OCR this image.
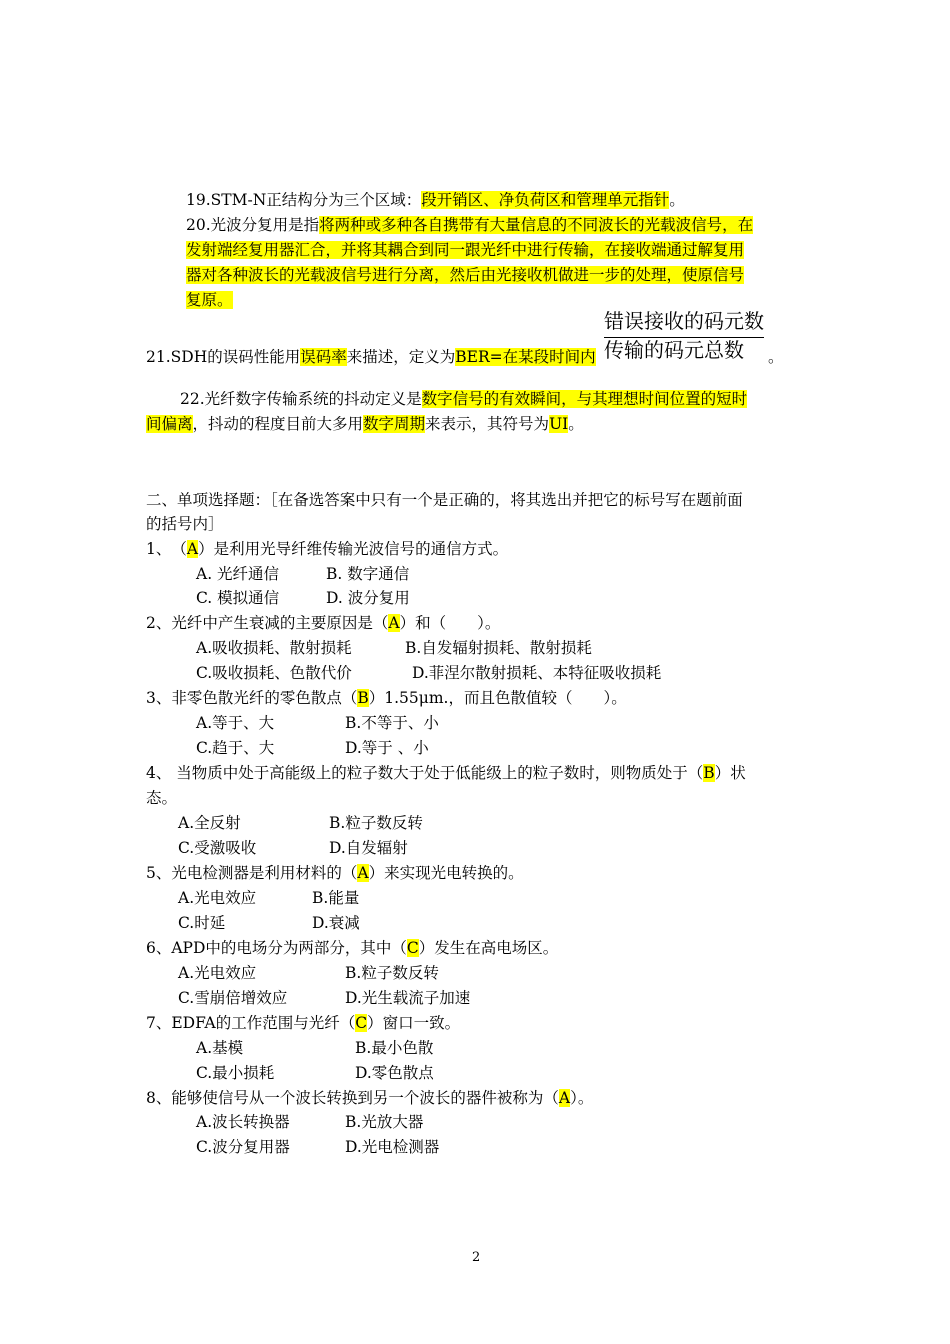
19.STM-N正结构分为三个区域：段开销区、净负荷区和管理单元指针。
20.光波分复用是指将两种或多种各自携带有大量信息的不同波长的光载波信号，在
发射端经复用器汇合，并将其耦合到同一跟光纤中进行传输，在接收端通过解复用
器对各种波长的光载波信号进行分离，然后由光接收机做进一步的处理，使原信号
复原。
错误接收的码元数
传输的码元总数
21.SDH的误码性能用误码率来描述，定义为BER=在某段时间内	。
22.光纤数字传输系统的抖动定义是数字信号的有效瞬间，与其理想时间位置的短时
间偏离，抖动的程度目前大多用数字周期来表示，其符号为UI。
二、单项选择题：［在备选答案中只有一个是正确的，将其选出并把它的标号写在题前面
的括号内］
1、　（A）是利用光导纤维传输光波信号的通信方式。
A. 光纤通信	B. 数字通信
C. 模拟通信	D. 波分复用
2、光纤中产生衰减的主要原因是（A）和（　　）。
A.吸收损耗、散射损耗	B.自发辐射损耗、散射损耗
C.吸收损耗、色散代价	D.菲涅尔散射损耗、本特征吸收损耗
3、非零色散光纤的零色散点（B）1.55μm.，而且色散值较（　　）。
A.等于、大	B.不等于、小
C.趋于、大	D.等于 、小
4、 当物质中处于高能级上的粒子数大于处于低能级上的粒子数时，则物质处于（B）状
态。
A.全反射	B.粒子数反转
C.受激吸收	D.自发辐射
5、光电检测器是利用材料的（A）来实现光电转换的。
A.光电效应	B.能量
C.时延	D.衰减
6、APD中的电场分为两部分，其中（C）发生在高电场区。
A.光电效应	B.粒子数反转
C.雪崩倍增效应	D.光生载流子加速
7、EDFA的工作范围与光纤（C）窗口一致。
A.基模	B.最小色散
C.最小损耗	D.零色散点
8、能够使信号从一个波长转换到另一个波长的器件被称为（A）。
A.波长转换器	B.光放大器
C.波分复用器	D.光电检测器
2
